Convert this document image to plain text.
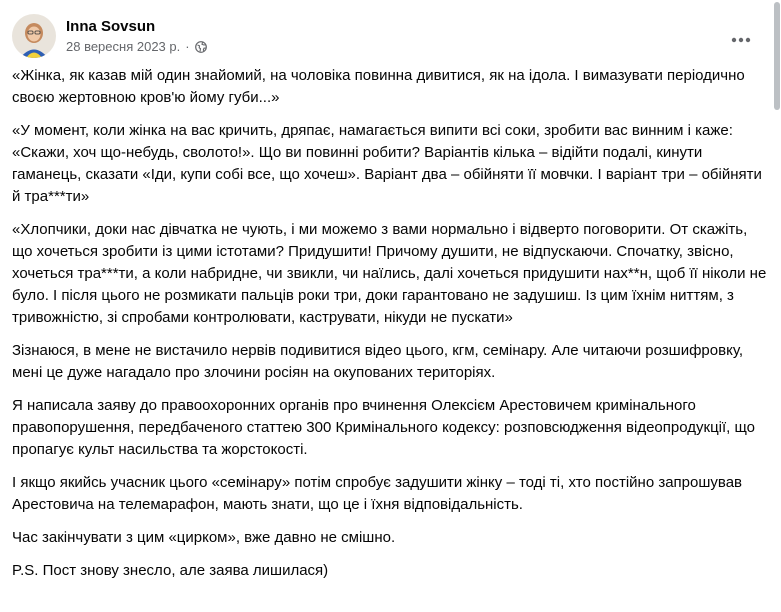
Inna Sovsun
28 вересня 2023 р. ·

«Жінка, як казав мій один знайомий, на чоловіка повинна дивитися, як на ідола. І вимазувати періодично своєю жертовною кров'ю йому губи...»

«У момент, коли жінка на вас кричить, дряпає, намагається випити всі соки, зробити вас винним і каже: «Скажи, хоч що-небудь, сволото!». Що ви повинні робити? Варіантів кілька – відійти подалі, кинути гаманець, сказати «Іди, купи собі все, що хочеш». Варіант два – обійняти її мовчки. І варіант три – обійняти й тра***ти»

«Хлопчики, доки нас дівчатка не чують, і ми можемо з вами нормально і відверто поговорити. От скажіть, що хочеться зробити із цими істотами? Придушити! Причому душити, не відпускаючи. Спочатку, звісно, хочеться тра***ти, а коли набридне, чи звикли, чи наїлись, далі хочеться придушити нах**н, щоб її ніколи не було. І після цього не розмикати пальців роки три, доки гарантовано не задушиш. Із цим їхнім ниттям, з тривожністю, зі спробами контролювати, каструвати, нікуди не пускати»

Зізнаюся, в мене не вистачило нервів подивитися відео цього, кгм, семінару. Але читаючи розшифровку, мені це дуже нагадало про злочини росіян на окупованих територіях.

Я написала заяву до правоохоронних органів про вчинення Олексієм Арестовичем кримінального правопорушення, передбаченого статтею 300 Кримінального кодексу: розповсюдження відеопродукції, що пропагує культ насильства та жорстокості.

І якщо якийсь учасник цього «семінару» потім спробує задушити жінку – тоді ті, хто постійно запрошував Арестовича на телемарафон, мають знати, що це і їхня відповідальність.

Час закінчувати з цим «цирком», вже давно не смішно.

P.S. Пост знову знесло, але заява лишилася)
